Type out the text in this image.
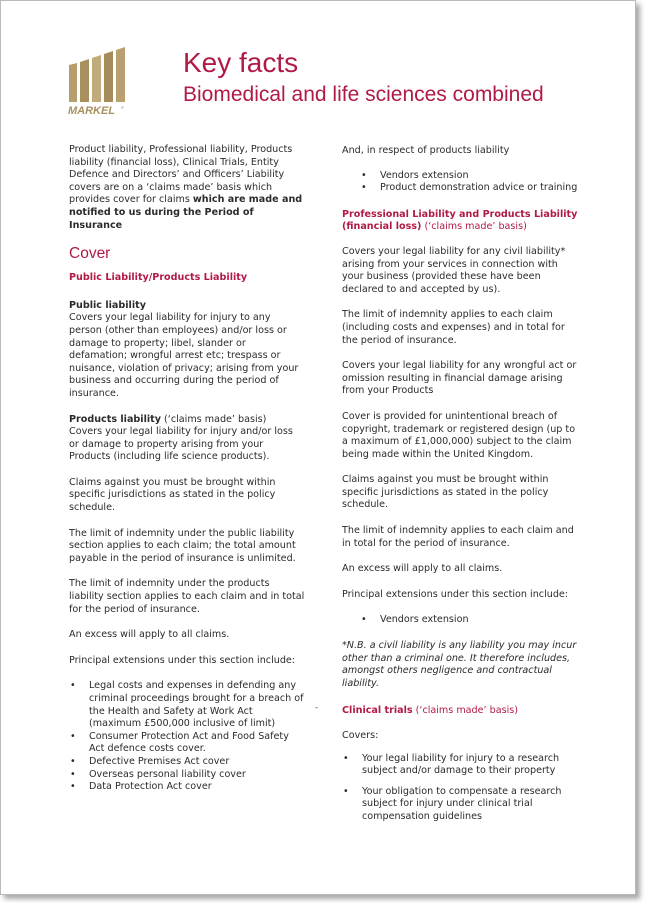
MARKEL ®
Key facts
Biomedical and life sciences combined

Product liability, Professional liability, Products liability (financial loss), Clinical Trials, Entity Defence and Directors’ and Officers’ Liability covers are on a ‘claims made’ basis which provides cover for claims which are made and notified to us during the Period of Insurance

Cover
Public Liability/Products Liability
Public liability

Covers your legal liability for injury to any person (other than employees) and/or loss or damage to property; libel, slander or defamation; wrongful arrest etc; trespass or nuisance, violation of privacy; arising from your business and occurring during the period of insurance.

Products liability (‘claims made’ basis)

Covers your legal liability for injury and/or loss or damage to property arising from your Products (including life science products).

Claims against you must be brought within specific jurisdictions as stated in the policy schedule.

The limit of indemnity under the public liability section applies to each claim; the total amount payable in the period of insurance is unlimited.

The limit of indemnity under the products liability section applies to each claim and in total for the period of insurance.

An excess will apply to all claims.

Principal extensions under this section include:

• Legal costs and expenses in defending any criminal proceedings brought for a breach of the Health and Safety at Work Act (maximum £500,000 inclusive of limit)
• Consumer Protection Act and Food Safety Act defence costs cover.
• Defective Premises Act cover
• Overseas personal liability cover
• Data Protection Act cover
-

And, in respect of products liability

• Vendors extension
• Product demonstration advice or training

Professional Liability and Products Liability (financial loss) (‘claims made’ basis)

Covers your legal liability for any civil liability* arising from your services in connection with your business (provided these have been declared to and accepted by us).

The limit of indemnity applies to each claim (including costs and expenses) and in total for the period of insurance.

Covers your legal liability for any wrongful act or omission resulting in financial damage arising from your Products

Cover is provided for unintentional breach of copyright, trademark or registered design (up to a maximum of £1,000,000) subject to the claim being made within the United Kingdom.

Claims against you must be brought within specific jurisdictions as stated in the policy schedule.

The limit of indemnity applies to each claim and in total for the period of insurance.

An excess will apply to all claims.

Principal extensions under this section include:

• Vendors extension

*N.B. a civil liability is any liability you may incur other than a criminal one. It therefore includes, amongst others negligence and contractual liability.

Clinical trials (‘claims made’ basis)

Covers:

• Your legal liability for injury to a research subject and/or damage to their property
• Your obligation to compensate a research subject for injury under clinical trial compensation guidelines
